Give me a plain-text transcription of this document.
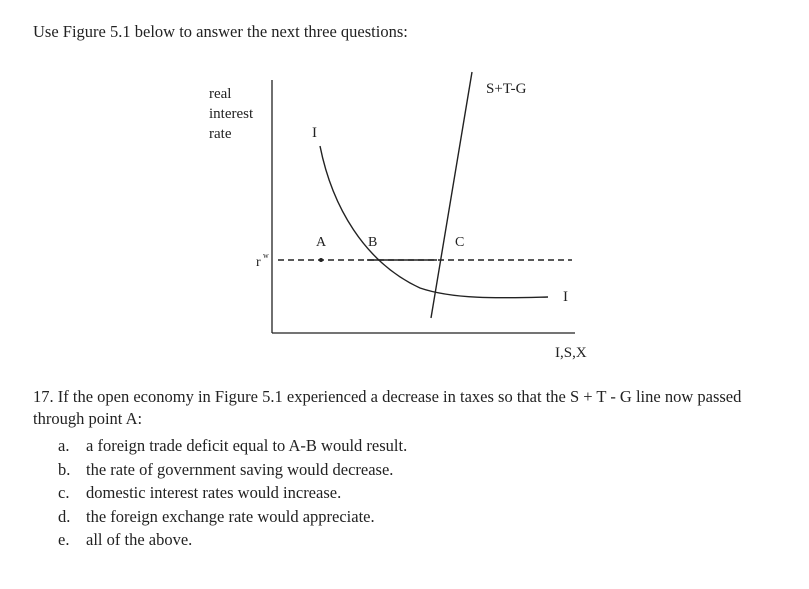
Use Figure 5.1 below to answer the next three questions:
real
interest
rate
I,S,X
r w
S+T-G
I
I
A	B	C
17. If the open economy in Figure 5.1 experienced a decrease in taxes so that the S + T - G line now passed through point A:
a.	a foreign trade deficit equal to A-B would result.
b. the rate of government saving would decrease.
c.	domestic interest rates would increase.
d. the foreign exchange rate would appreciate.
e.	all of the above.
